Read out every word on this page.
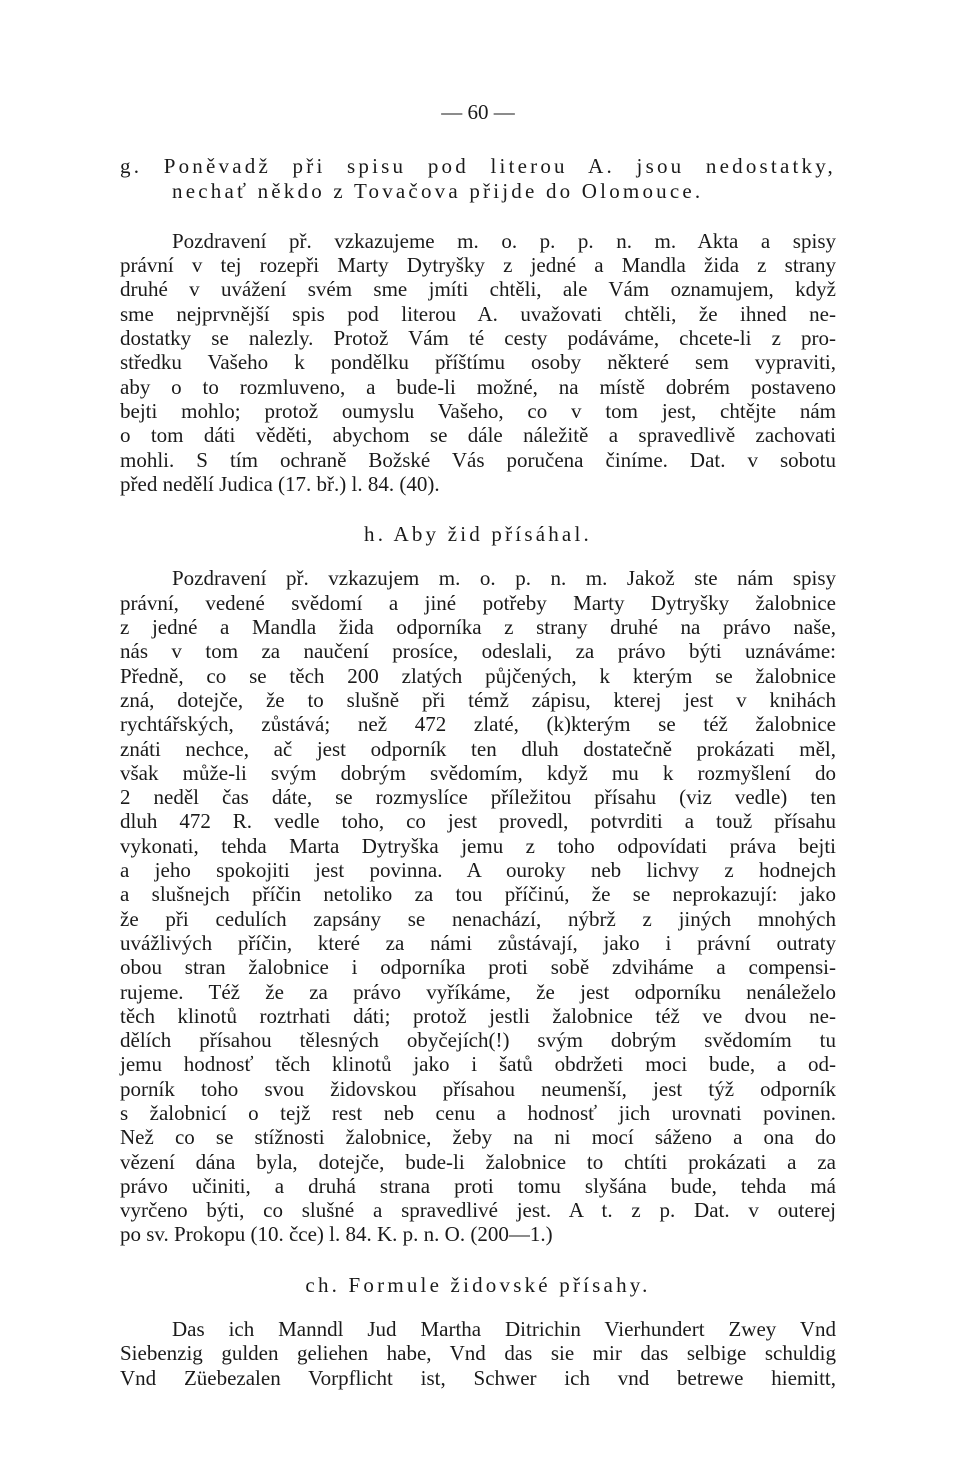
— 60 —
g. Poněvadž při spisu pod literou A. jsou nedostatky,
nechať někdo z Tovačova přijde do Olomouce.
Pozdravení př. vzkazujeme m. o. p. p. n. m. Akta a spisy
právní v tej rozepři Marty Dytryšky z jedné a Mandla žida z strany
druhé v uvážení svém sme jmíti chtěli, ale Vám oznamujem, když
sme nejprvnější spis pod literou A. uvažovati chtěli, že ihned ne-
dostatky se nalezly. Protož Vám té cesty podáváme, chcete-li z pro-
středku Vašeho k pondělku příštímu osoby některé sem vypraviti,
aby o to rozmluveno, a bude-li možné, na místě dobrém postaveno
bejti mohlo; protož oumyslu Vašeho, co v tom jest, chtějte nám
o tom dáti věděti, abychom se dále náležitě a spravedlivě zachovati
mohli. S tím ochraně Božské Vás poručena činíme. Dat. v sobotu
před nedělí Judica (17. bř.) l. 84. (40).
h. Aby žid přísáhal.
Pozdravení př. vzkazujem m. o. p. n. m. Jakož ste nám spisy
právní, vedené svědomí a jiné potřeby Marty Dytryšky žalobnice
z jedné a Mandla žida odporníka z strany druhé na právo naše,
nás v tom za naučení prosíce, odeslali, za právo býti uznáváme:
Předně, co se těch 200 zlatých půjčených, k kterým se žalobnice
zná, dotejče, že to slušně při témž zápisu, kterej jest v knihách
rychtářských, zůstává; než 472 zlaté, (k)kterým se též žalobnice
znáti nechce, ač jest odporník ten dluh dostatečně prokázati měl,
však může-li svým dobrým svědomím, když mu k rozmyšlení do
2 neděl čas dáte, se rozmyslíce příležitou přísahu (viz vedle) ten
dluh 472 R. vedle toho, co jest provedl, potvrditi a touž přísahu
vykonati, tehda Marta Dytryška jemu z toho odpovídati práva bejti
a jeho spokojiti jest povinna. A ouroky neb lichvy z hodnejch
a slušnejch příčin netoliko za tou příčinú, že se neprokazují: jako
že při cedulích zapsány se nenachází, nýbrž z jiných mnohých
uvážlivých příčin, které za námi zůstávají, jako i právní outraty
obou stran žalobnice i odporníka proti sobě zdviháme a compensi-
rujeme. Též že za právo vyříkáme, že jest odporníku nenáleželo
těch klinotů roztrhati dáti; protož jestli žalobnice též ve dvou ne-
dělích přísahou tělesných obyčejích(!) svým dobrým svědomím tu
jemu hodnosť těch klinotů jako i šatů obdržeti moci bude, a od-
porník toho svou židovskou přísahou neumenší, jest týž odporník
s žalobnicí o tejž rest neb cenu a hodnosť jich urovnati povinen.
Než co se stížnosti žalobnice, žeby na ni mocí sáženo a ona do
vězení dána byla, dotejče, bude-li žalobnice to chtíti prokázati a za
právo učiniti, a druhá strana proti tomu slyšána bude, tehda má
vyrčeno býti, co slušné a spravedlivé jest. A t. z p. Dat. v outerej
po sv. Prokopu (10. čce) l. 84. K. p. n. O. (200—1.)
ch. Formule židovské přísahy.
Das ich Manndl Jud Martha Ditrichin Vierhundert Zwey Vnd
Siebenzig gulden geliehen habe, Vnd das sie mir das selbige schuldig
Vnd Züebezalen Vorpflicht ist, Schwer ich vnd betrewe hiemitt,
